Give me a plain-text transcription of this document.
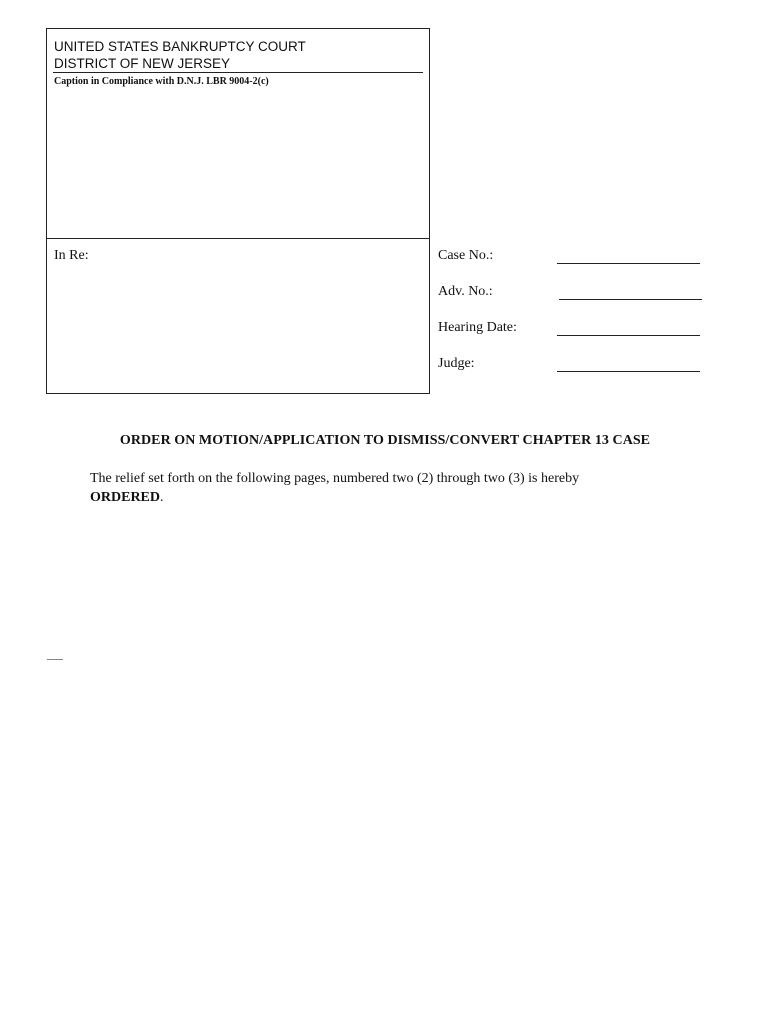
UNITED STATES BANKRUPTCY COURT
DISTRICT OF NEW JERSEY
Caption in Compliance with D.N.J. LBR 9004-2(c)
In Re:	Case No.:
Adv. No.:
Hearing Date:
Judge:
ORDER ON MOTION/APPLICATION TO DISMISS/CONVERT CHAPTER 13 CASE
The relief set forth on the following pages, numbered two (2) through two (3) is hereby
ORDERED.
